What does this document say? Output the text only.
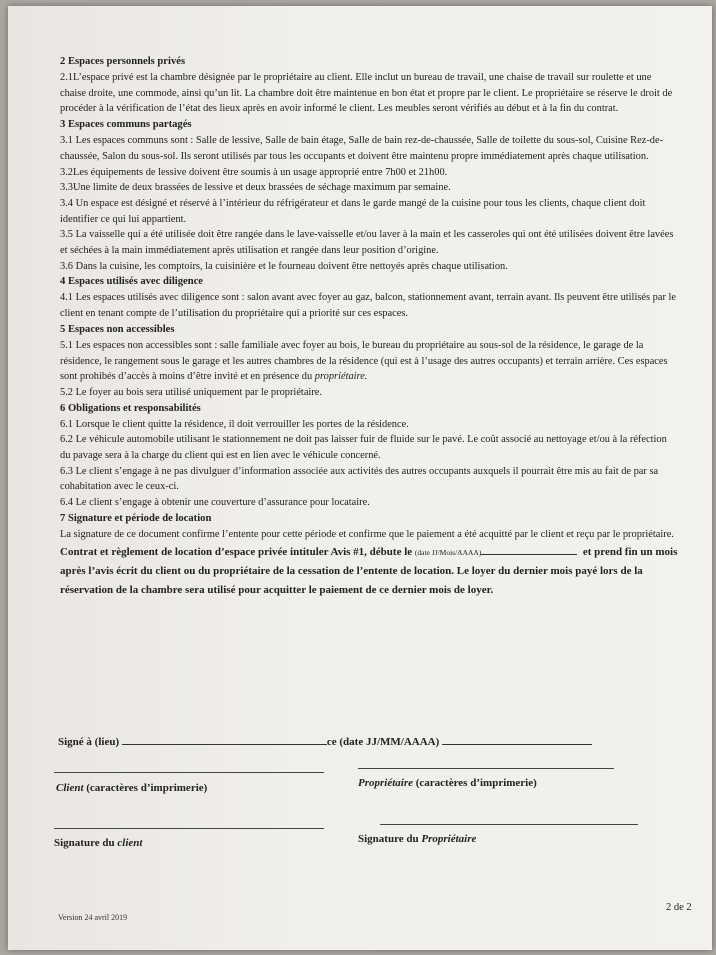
2 Espaces personnels privés

2.1L’espace privé est la chambre désignée par le propriétaire au client. Elle inclut un bureau de travail, une chaise de travail sur roulette et une chaise droite, une commode, ainsi qu’un lit. La chambre doit être maintenue en bon état et propre par le client. Le propriétaire se réserve le droit de procéder à la vérification de l’état des lieux après en avoir informé le client. Les meubles seront vérifiés au début et à la fin du contrat.

3 Espaces communs partagés

3.1 Les espaces communs sont : Salle de lessive, Salle de bain étage, Salle de bain rez-de-chaussée, Salle de toilette du sous-sol, Cuisine Rez-de-chaussée, Salon du sous-sol. Ils seront utilisés par tous les occupants et doivent être maintenu propre immédiatement après chaque utilisation.

3.2Les équipements de lessive doivent être soumis à un usage approprié entre 7h00 et 21h00.

3.3Une limite de deux brassées de lessive et deux brassées de séchage maximum par semaine.

3.4 Un espace est désigné et réservé à l’intérieur du réfrigérateur et dans le garde mangé de la cuisine pour tous les clients, chaque client doit identifier ce qui lui appartient.

3.5 La vaisselle qui a été utilisée doit être rangée dans le lave-vaisselle et/ou laver à la main et les casseroles qui ont été utilisées doivent être lavées et séchées à la main immédiatement après utilisation et rangée dans leur position d’origine.

3.6 Dans la cuisine, les comptoirs, la cuisinière et le fourneau doivent être nettoyés après chaque utilisation.

4 Espaces utilisés avec diligence

4.1 Les espaces utilisés avec diligence sont : salon avant avec foyer au gaz, balcon, stationnement avant, terrain avant. Ils peuvent être utilisés par le client en tenant compte de l’utilisation du propriétaire qui a priorité sur ces espaces.

5 Espaces non accessibles

5.1 Les espaces non accessibles sont : salle familiale avec foyer au bois, le bureau du propriétaire au sous-sol de la résidence, le garage de la résidence, le rangement sous le garage et les autres chambres de la résidence (qui est à l’usage des autres occupants) et terrain arrière. Ces espaces sont prohibés d’accès à moins d’être invité et en présence du propriétaire.

5.2 Le foyer au bois sera utilisé uniquement par le propriétaire.

6 Obligations et responsabilités

6.1 Lorsque le client quitte la résidence, il doit verrouiller les portes de la résidence.

6.2 Le véhicule automobile utilisant le stationnement ne doit pas laisser fuir de fluide sur le pavé. Le coût associé au nettoyage et/ou à la réfection du pavage sera à la charge du client qui est en lien avec le véhicule concerné.

6.3 Le client s’engage à ne pas divulguer d’information associée aux activités des autres occupants auxquels il pourrait être mis au fait de par sa cohabitation avec le ceux-ci.

6.4 Le client s’engage à obtenir une couverture d’assurance pour locataire.

7 Signature et période de location

La signature de ce document confirme l’entente pour cette période et confirme que le paiement a été acquitté par le client et reçu par le propriétaire.

Contrat et règlement de location d’espace privée intituler Avis #1, débute le (date JJ/Mois/AAAA)	et prend fin un mois après l’avis écrit du client ou du propriétaire de la cessation de l’entente de location. Le loyer du dernier mois payé lors de la réservation de la chambre sera utilisé pour acquitter le paiement de ce dernier mois de loyer.

Signé à (lieu)	ce (date JJ/MM/AAAA)
Client (caractères d’imprimerie)	Propriétaire (caractères d’imprimerie)
Signature du client	Signature du Propriétaire
Version 24 avril 2019
2 de 2
